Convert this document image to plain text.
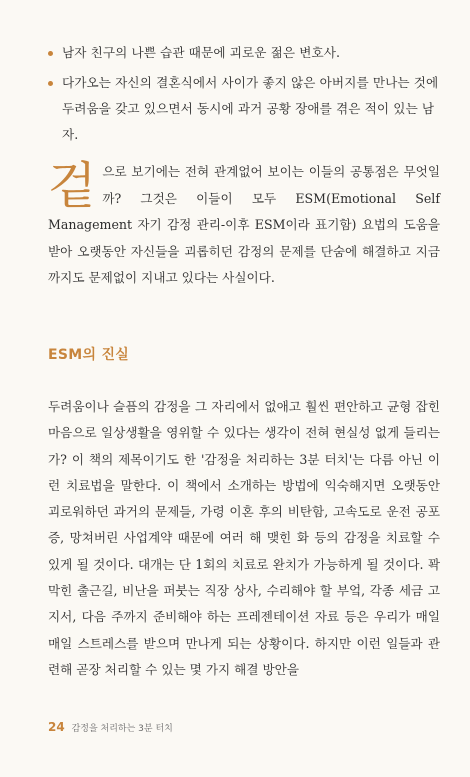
남자 친구의 나쁜 습관 때문에 괴로운 젊은 변호사.
다가오는 자신의 결혼식에서 사이가 좋지 않은 아버지를 만나는 것에 두려움을 갖고 있으면서 동시에 과거 공황 장애를 겪은 적이 있는 남자.
겉으로 보기에는 전혀 관계없어 보이는 이들의 공통점은 무엇일까? 그것은 이들이 모두 ESM(Emotional Self Management 자기 감정 관리-이후 ESM이라 표기함) 요법의 도움을 받아 오랫동안 자신들을 괴롭히던 감정의 문제를 단숨에 해결하고 지금까지도 문제없이 지내고 있다는 사실이다.
ESM의 진실
두려움이나 슬픔의 감정을 그 자리에서 없애고 훨씬 편안하고 균형 잡힌 마음으로 일상생활을 영위할 수 있다는 생각이 전혀 현실성 없게 들리는가? 이 책의 제목이기도 한 '감정을 처리하는 3분 터치'는 다름 아닌 이런 치료법을 말한다. 이 책에서 소개하는 방법에 익숙해지면 오랫동안 괴로워하던 과거의 문제들, 가령 이혼 후의 비탄함, 고속도로 운전 공포증, 망쳐버린 사업계약 때문에 여러 해 맺힌 화 등의 감정을 치료할 수 있게 될 것이다. 대개는 단 1회의 치료로 완치가 가능하게 될 것이다. 꽉 막힌 출근길, 비난을 퍼붓는 직장 상사, 수리해야 할 부엌, 각종 세금 고지서, 다음 주까지 준비해야 하는 프레젠테이션 자료 등은 우리가 매일매일 스트레스를 받으며 만나게 되는 상황이다. 하지만 이런 일들과 관련해 곧장 처리할 수 있는 몇 가지 해결 방안을
24 감정을 처리하는 3분 터치
